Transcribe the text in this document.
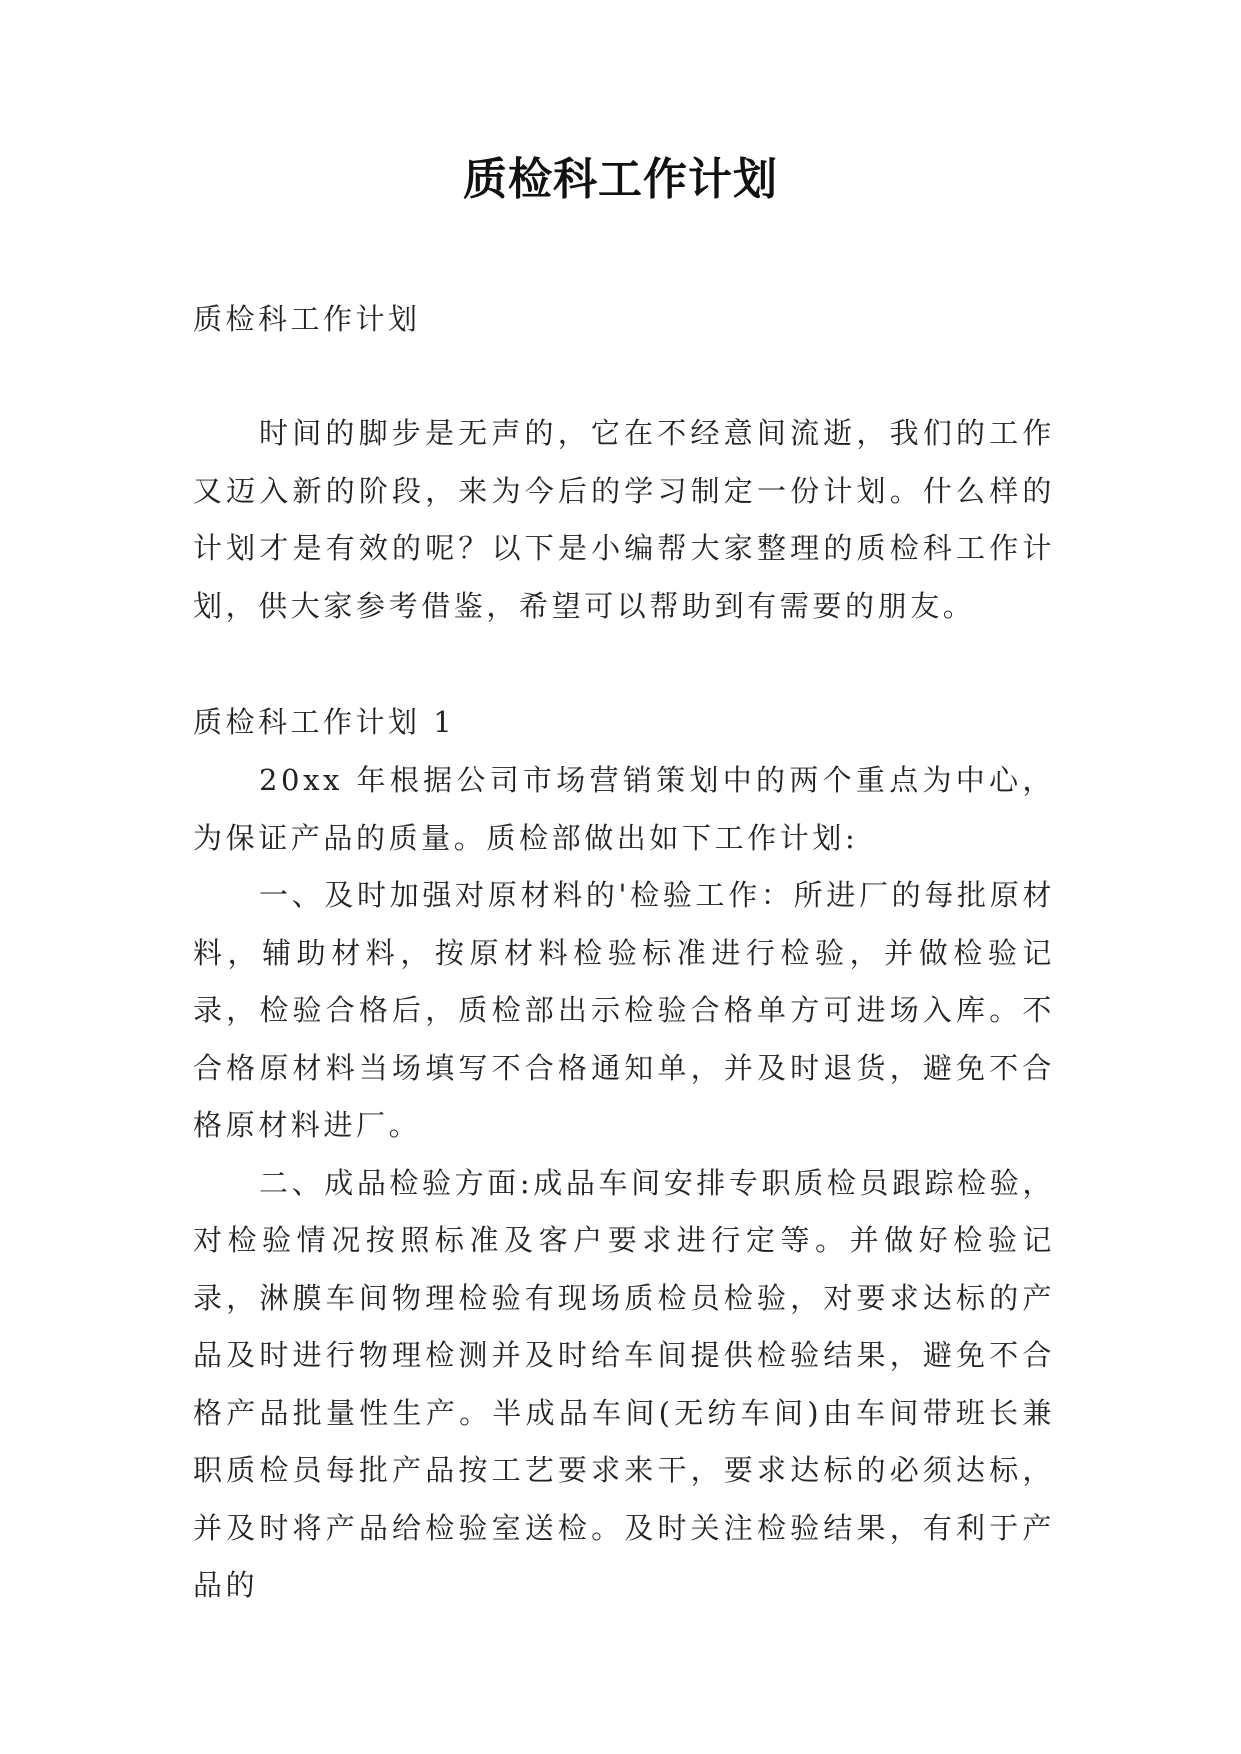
质检科工作计划

质检科工作计划

时间的脚步是无声的，它在不经意间流逝，我们的工作又迈入新的阶段，来为今后的学习制定一份计划。什么样的计划才是有效的呢？以下是小编帮大家整理的质检科工作计划，供大家参考借鉴，希望可以帮助到有需要的朋友。

质检科工作计划 1

20xx 年根据公司市场营销策划中的两个重点为中心，为保证产品的质量。质检部做出如下工作计划:

一、及时加强对原材料的'检验工作：所进厂的每批原材料，辅助材料，按原材料检验标准进行检验，并做检验记录，检验合格后，质检部出示检验合格单方可进场入库。不合格原材料当场填写不合格通知单，并及时退货，避免不合格原材料进厂。

二、成品检验方面:成品车间安排专职质检员跟踪检验，对检验情况按照标准及客户要求进行定等。并做好检验记录，淋膜车间物理检验有现场质检员检验，对要求达标的产品及时进行物理检测并及时给车间提供检验结果，避免不合格产品批量性生产。半成品车间(无纺车间)由车间带班长兼职质检员每批产品按工艺要求来干，要求达标的必须达标，并及时将产品给检验室送检。及时关注检验结果，有利于产品的
